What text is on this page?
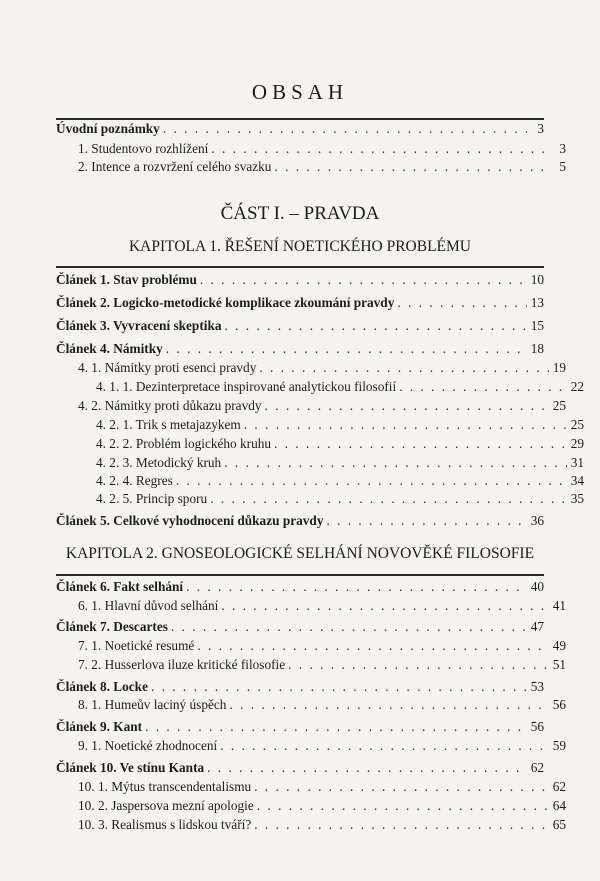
OBSAH
Úvodní poznámky . . .	3
1. Studentovo rozhlížení . . .	3
2. Intence a rozvržení celého svazku . . .	5
ČÁST I. – PRAVDA
KAPITOLA 1. ŘEŠENÍ NOETICKÉHO PROBLÉMU
Článek 1. Stav problému . . .	10
Článek 2. Logicko-metodické komplikace zkoumání pravdy . . .	13
Článek 3. Vyvracení skeptika . . .	15
Článek 4. Námitky . . .	18
4. 1. Námitky proti esenci pravdy . . .	19
4. 1. 1. Dezinterpretace inspirované analytickou filosofií . . .	22
4. 2. Námitky proti důkazu pravdy . . .	25
4. 2. 1. Trik s metajazykem . . .	25
4. 2. 2. Problém logického kruhu . . .	29
4. 2. 3. Metodický kruh . . .	31
4. 2. 4. Regres . . .	34
4. 2. 5. Princip sporu . . .	35
Článek 5. Celkové vyhodnocení důkazu pravdy . . .	36
KAPITOLA 2. GNOSEOLOGICKÉ SELHÁNÍ NOVOVĚKÉ FILOSOFIE
Článek 6. Fakt selhání . . .	40
6. 1. Hlavní důvod selhání . . .	41
Článek 7. Descartes . . .	47
7. 1. Noetické resumé . . .	49
7. 2. Husserlova iluze kritické filosofie . . .	51
Článek 8. Locke . . .	53
8. 1. Humeův laciný úspěch . . .	56
Článek 9. Kant . . .	56
9. 1. Noetické zhodnocení . . .	59
Článek 10. Ve stínu Kanta . . .	62
10. 1. Mýtus transcendentalismu . . .	62
10. 2. Jaspersova mezní apologie . . .	64
10. 3. Realismus s lidskou tváří? . . .	65
